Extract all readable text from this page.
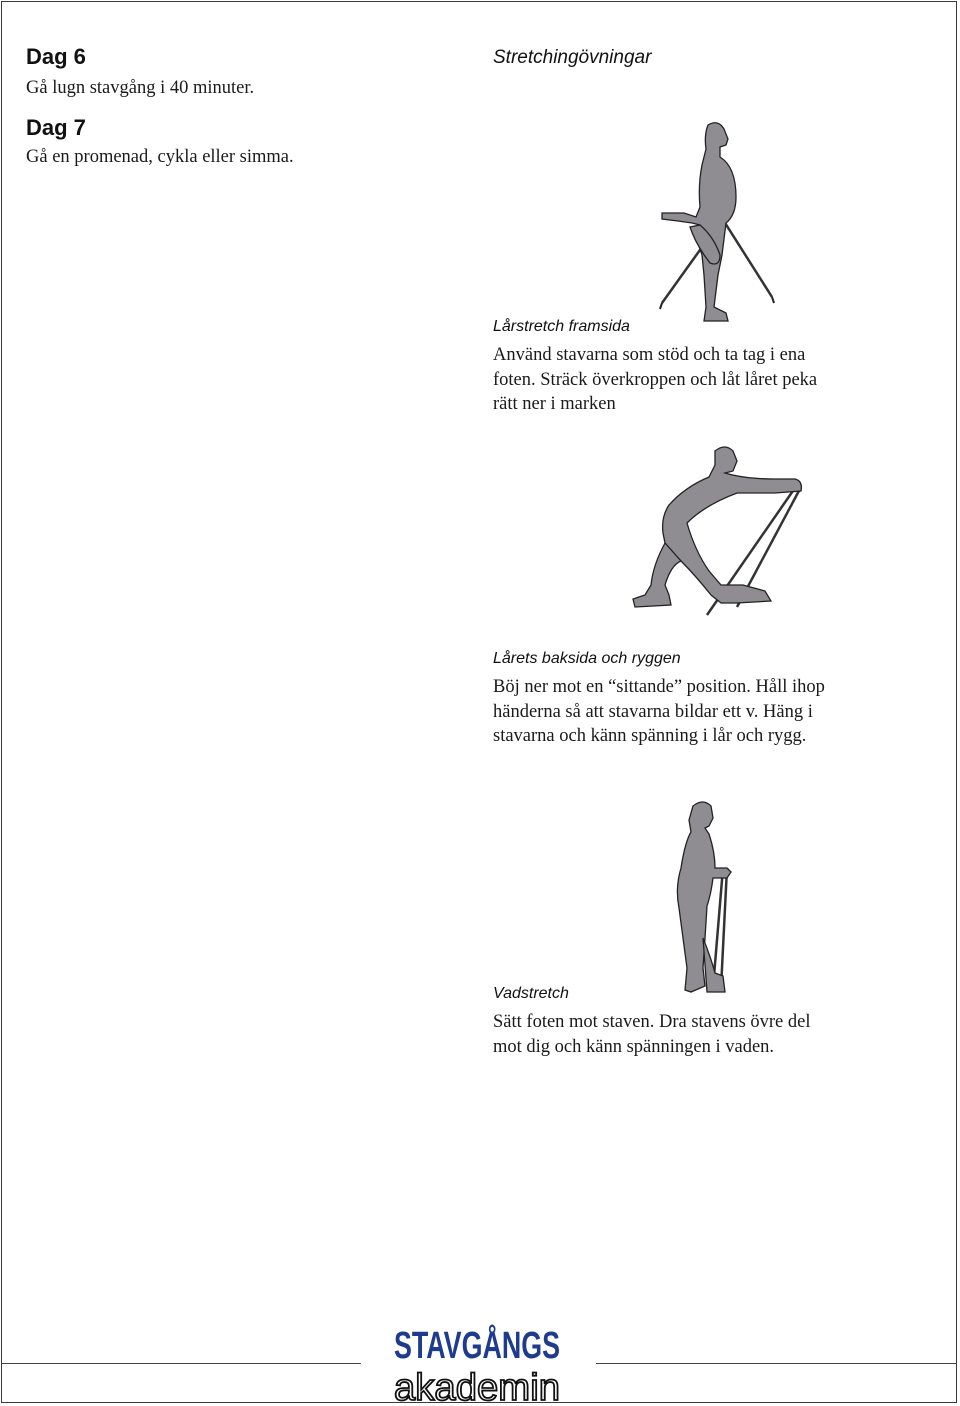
Dag 6
Gå lugn stavgång i 40 minuter.
Dag 7
Gå en promenad, cykla eller simma.
Stretchingövningar
Lårstretch framsida
Använd stavarna som stöd och ta tag i ena
foten. Sträck överkroppen och låt låret peka
rätt ner i marken
Lårets baksida och ryggen
Böj ner mot en “sittande” position. Håll ihop
händerna så att stavarna bildar ett v. Häng i
stavarna och känn spänning i lår och rygg.
Vadstretch
Sätt foten mot staven. Dra stavens övre del
mot dig och känn spänningen i vaden.
STAVGÅNGS
akademin
